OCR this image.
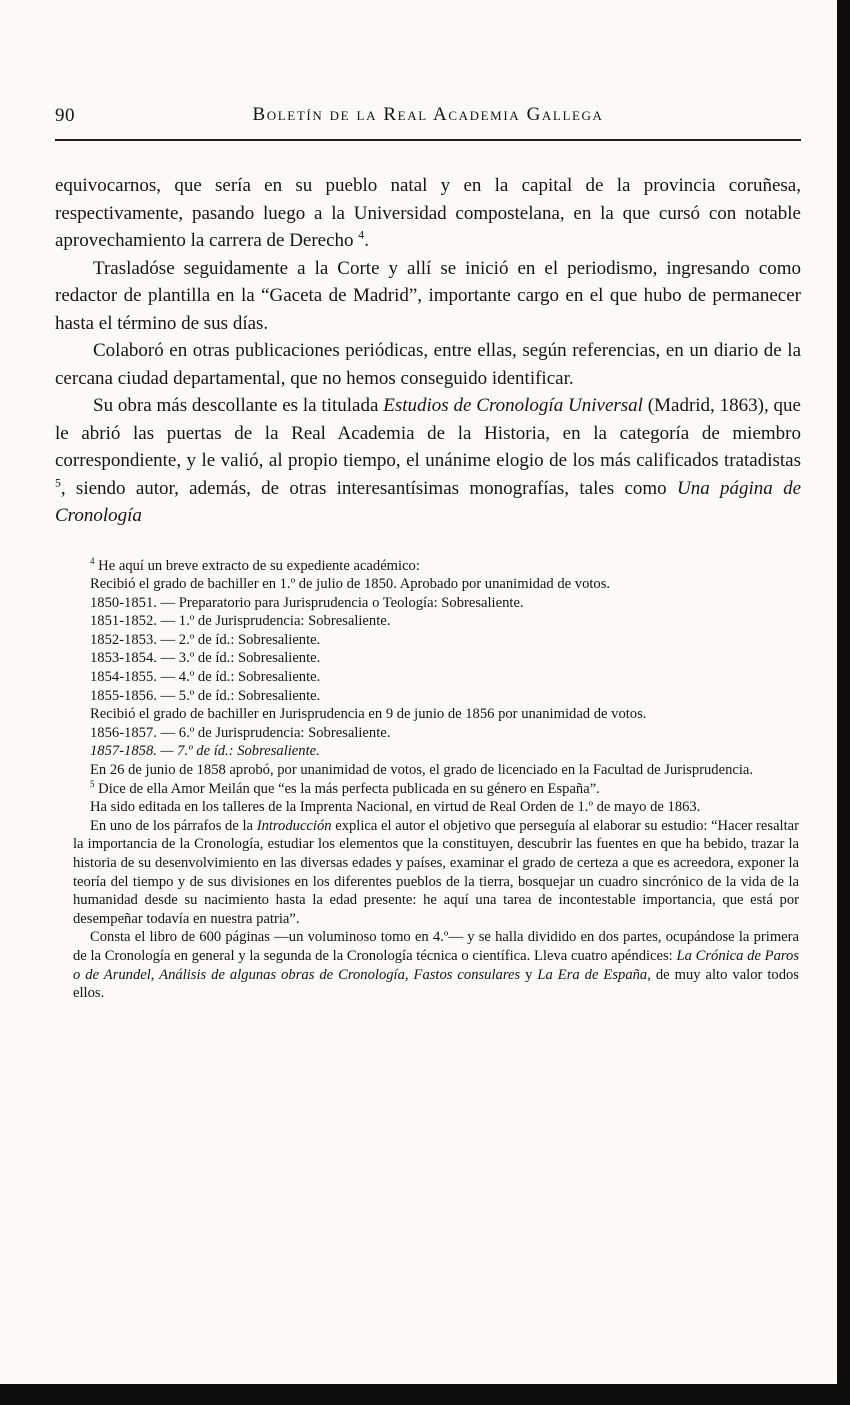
90	Boletín de la Real Academia Gallega

equivocarnos, que sería en su pueblo natal y en la capital de la provincia coruñesa, respectivamente, pasando luego a la Universidad compostelana, en la que cursó con notable aprovechamiento la carrera de Derecho $^4$.

Trasladóse seguidamente a la Corte y allí se inició en el periodismo, ingresando como redactor de plantilla en la “Gaceta de Madrid”, importante cargo en el que hubo de permanecer hasta el término de sus días.

Colaboró en otras publicaciones periódicas, entre ellas, según referencias, en un diario de la cercana ciudad departamental, que no hemos conseguido identificar.

Su obra más descollante es la titulada Estudios de Cronología Universal (Madrid, 1863), que le abrió las puertas de la Real Academia de la Historia, en la categoría de miembro correspondiente, y le valió, al propio tiempo, el unánime elogio de los más calificados tratadistas $^5$, siendo autor, además, de otras interesantísimas monografías, tales como Una página de Cronología

$^4$ He aquí un breve extracto de su expediente académico:

Recibió el grado de bachiller en 1.º de julio de 1850. Aprobado por unanimidad de votos.

1850-1851. — Preparatorio para Jurisprudencia o Teología: Sobresaliente.

1851-1852. — 1.º de Jurisprudencia: Sobresaliente.

1852-1853. — 2.º de íd.: Sobresaliente.

1853-1854. — 3.º de íd.: Sobresaliente.

1854-1855. — 4.º de íd.: Sobresaliente.

1855-1856. — 5.º de íd.: Sobresaliente.

Recibió el grado de bachiller en Jurisprudencia en 9 de junio de 1856 por unanimidad de votos.

1856-1857. — 6.º de Jurisprudencia: Sobresaliente.

1857-1858. — 7.º de íd.: Sobresaliente.

En 26 de junio de 1858 aprobó, por unanimidad de votos, el grado de licenciado en la Facultad de Jurisprudencia.

$^5$ Dice de ella Amor Meilán que “es la más perfecta publicada en su género en España”.

Ha sido editada en los talleres de la Imprenta Nacional, en virtud de Real Orden de 1.º de mayo de 1863.

En uno de los párrafos de la Introducción explica el autor el objetivo que perseguía al elaborar su estudio: “Hacer resaltar la importancia de la Cronología, estudiar los elementos que la constituyen, descubrir las fuentes en que ha bebido, trazar la historia de su desenvolvimiento en las diversas edades y países, examinar el grado de certeza a que es acreedora, exponer la teoría del tiempo y de sus divisiones en los diferentes pueblos de la tierra, bosquejar un cuadro sincrónico de la vida de la humanidad desde su nacimiento hasta la edad presente: he aquí una tarea de incontestable importancia, que está por desempeñar todavía en nuestra patria”.

Consta el libro de 600 páginas —un voluminoso tomo en 4.º— y se halla dividido en dos partes, ocupándose la primera de la Cronología en general y la segunda de la Cronología técnica o científica. Lleva cuatro apéndices: La Crónica de Paros o de Arundel, Análisis de algunas obras de Cronología, Fastos consulares y La Era de España, de muy alto valor todos ellos.
